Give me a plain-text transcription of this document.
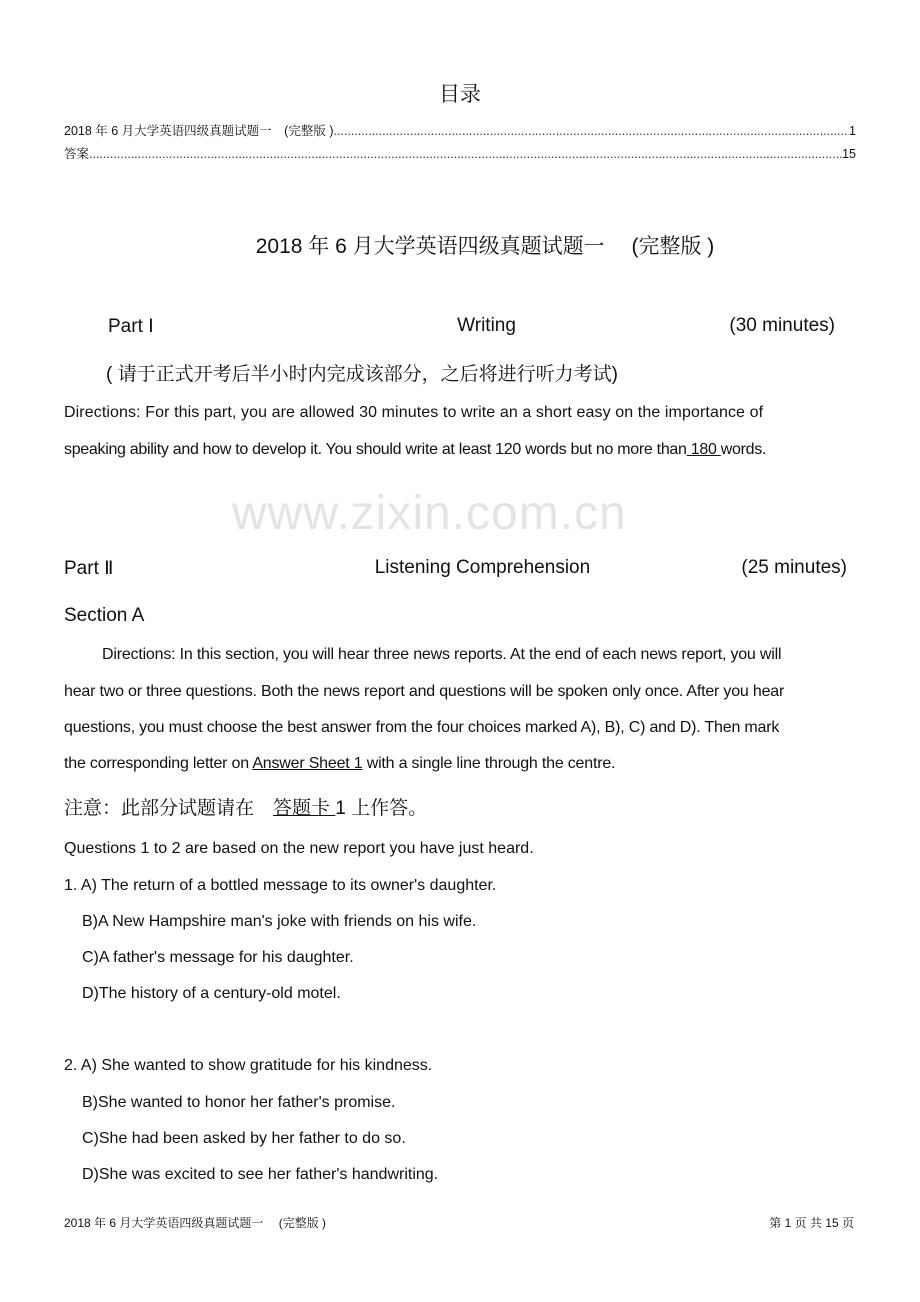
目录
2018 年 6 月大学英语四级真题试题一　(完整版 ) .....	1
答案 .....	15
2018 年 6 月大学英语四级真题试题一　 (完整版 )
Part Ⅰ	Writing	(30 minutes)
( 请于正式开考后半小时内完成该部分，之后将进行听力考试)
Directions: For this part, you are allowed 30 minutes to write an a short easy on the importance of
speaking ability and how to develop it. You should write at least 120 words but no more than 180 words.
www.zixin.com.cn
Part Ⅱ	Listening Comprehension	(25 minutes)
Section A
Directions: In this section, you will hear three news reports. At the end of each news report, you will
hear two or three questions. Both the news report and questions will be spoken only once. After you hear
questions, you must choose the best answer from the four choices marked A), B), C) and D). Then mark
the corresponding letter on Answer Sheet 1 with a single line through the centre.
注意：此部分试题请在　答题卡 1 上作答。
Questions 1 to 2 are based on the new report you have just heard.
1. A) The return of a bottled message to its owner's daughter.
B)A New Hampshire man's joke with friends on his wife.
C)A father's message for his daughter.
D)The history of a century-old motel.
2. A) She wanted to show gratitude for his kindness.
B)She wanted to honor her father's promise.
C)She had been asked by her father to do so.
D)She was excited to see her father's handwriting.
2018 年 6 月大学英语四级真题试题一　 (完整版 )	第 1 页 共 15 页
